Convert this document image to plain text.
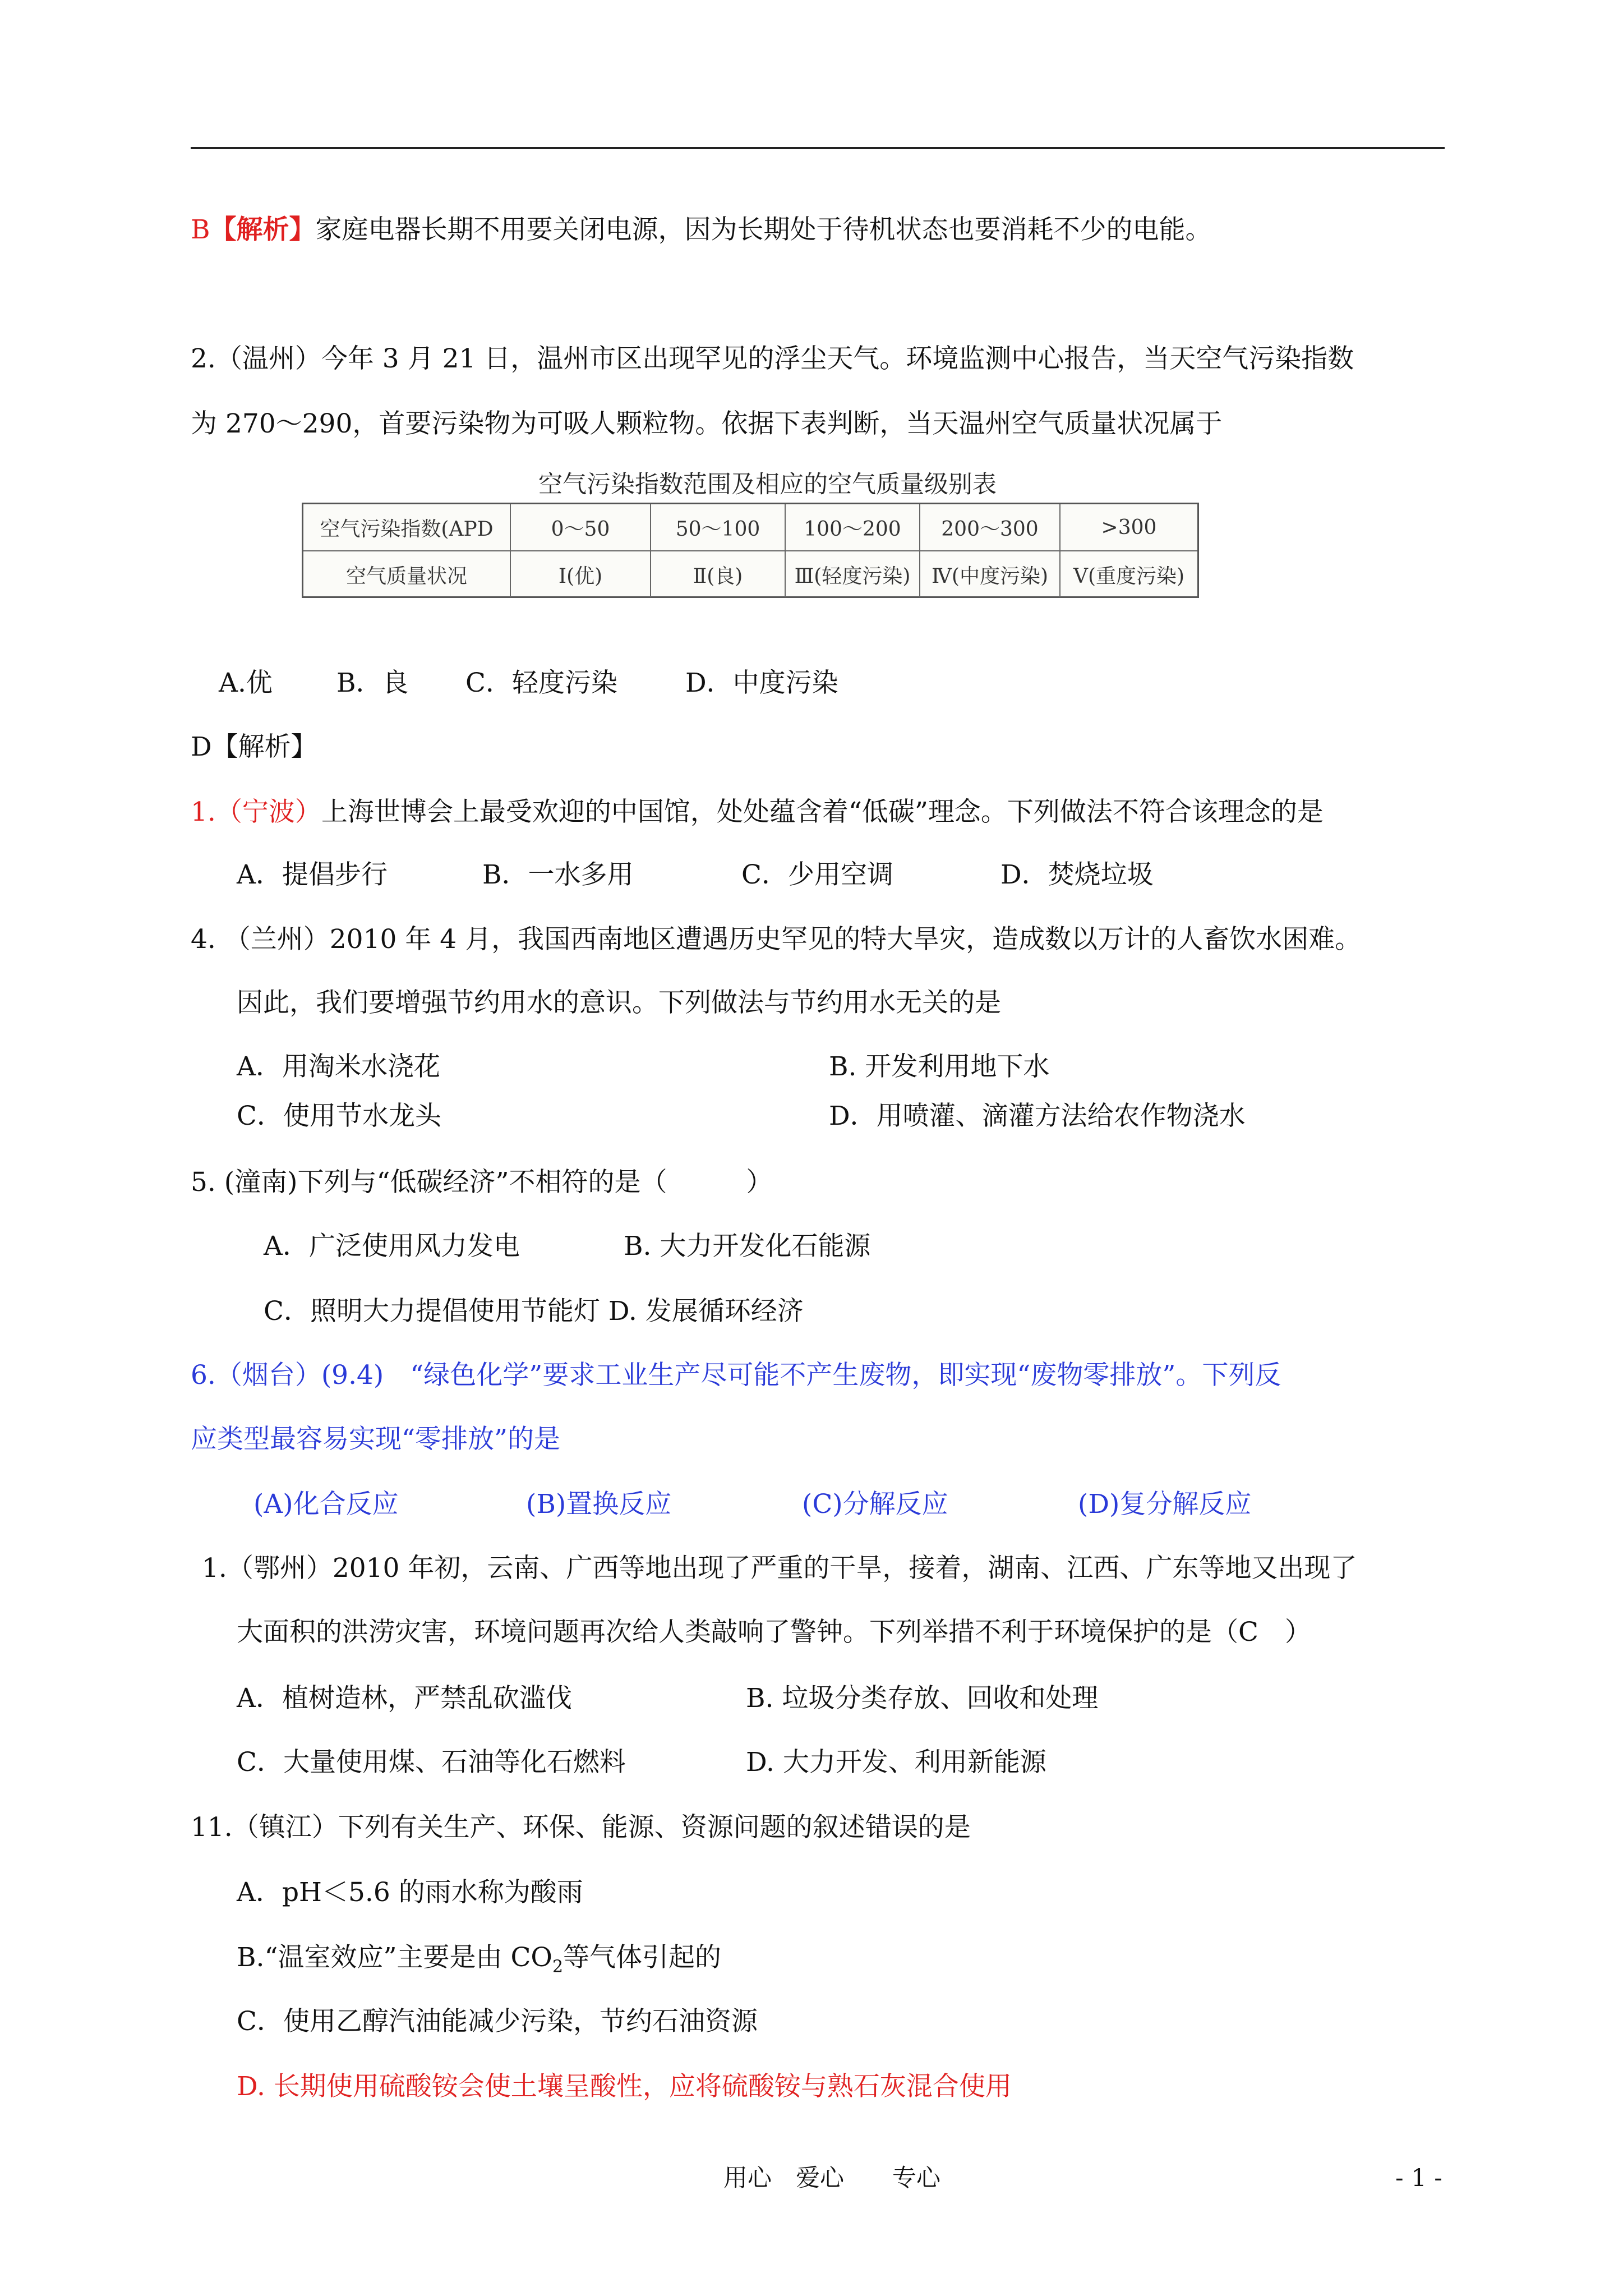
B【解析】家庭电器长期不用要关闭电源，因为长期处于待机状态也要消耗不少的电能。
2.（温州）今年 3 月 21 日，温州市区出现罕见的浮尘天气。环境监测中心报告，当天空气污染指数
为 270～290，首要污染物为可吸人颗粒物。依据下表判断，当天温州空气质量状况属于
空气污染指数范围及相应的空气质量级别表
空气污染指数(APD	0～50	50～100	100～200	200～300	>300
空气质量状况	Ⅰ(优)	Ⅱ(良)	Ⅲ(轻度污染)	Ⅳ(中度污染)	Ⅴ(重度污染)
A.优 B．良 C．轻度污染	D．中度污染
D【解析】
1.（宁波）上海世博会上最受欢迎的中国馆，处处蕴含着“低碳”理念。下列做法不符合该理念的是
A．提倡步行	B．一水多用	C．少用空调	D．焚烧垃圾
4. （兰州）2010 年 4 月，我国西南地区遭遇历史罕见的特大旱灾，造成数以万计的人畜饮水困难。
因此，我们要增强节约用水的意识。下列做法与节约用水无关的是
A．用淘米水浇花	B. 开发利用地下水
C．使用节水龙头	D．用喷灌、滴灌方法给农作物浇水
5. (潼南)下列与“低碳经济”不相符的是（　　　）
A．广泛使用风力发电	B. 大力开发化石能源
C．照明大力提倡使用节能灯 D. 发展循环经济
6.（烟台）(9.4)　“绿色化学”要求工业生产尽可能不产生废物，即实现“废物零排放”。下列反
应类型最容易实现“零排放”的是
(A)化合反应	(B)置换反应	(C)分解反应	(D)复分解反应
1.（鄂州）2010 年初，云南、广西等地出现了严重的干旱，接着，湖南、江西、广东等地又出现了
大面积的洪涝灾害，环境问题再次给人类敲响了警钟。下列举措不利于环境保护的是（C　）
A．植树造林，严禁乱砍滥伐	B. 垃圾分类存放、回收和处理
C．大量使用煤、石油等化石燃料	D. 大力开发、利用新能源
11.（镇江）下列有关生产、环保、能源、资源问题的叙述错误的是
A．pH＜5.6 的雨水称为酸雨
B.“温室效应”主要是由 $CO_2$等气体引起的
C．使用乙醇汽油能减少污染，节约石油资源
D. 长期使用硫酸铵会使土壤呈酸性，应将硫酸铵与熟石灰混合使用
用心　爱心　　专心	- 1 -
